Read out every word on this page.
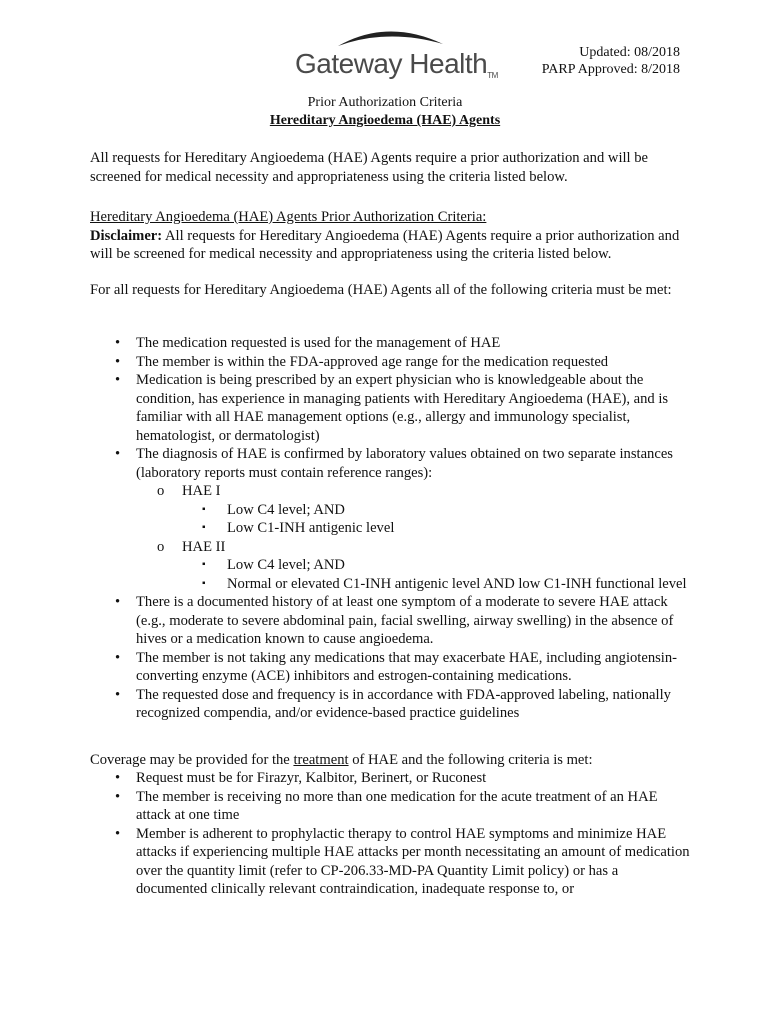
Gateway HealthTM
Updated: 08/2018
PARP Approved: 8/2018
Prior Authorization Criteria
Hereditary Angioedema (HAE) Agents

All requests for Hereditary Angioedema (HAE) Agents require a prior authorization and will be screened for medical necessity and appropriateness using the criteria listed below.

Hereditary Angioedema (HAE) Agents Prior Authorization Criteria:
Disclaimer: All requests for Hereditary Angioedema (HAE) Agents require a prior authorization and will be screened for medical necessity and appropriateness using the criteria listed below.

For all requests for Hereditary Angioedema (HAE) Agents all of the following criteria must be met:

• The medication requested is used for the management of HAE
• The member is within the FDA-approved age range for the medication requested
• Medication is being prescribed by an expert physician who is knowledgeable about the condition, has experience in managing patients with Hereditary Angioedema (HAE), and is familiar with all HAE management options (e.g., allergy and immunology specialist, hematologist, or dermatologist)
• The diagnosis of HAE is confirmed by laboratory values obtained on two separate instances (laboratory reports must contain reference ranges):
o HAE I
▪ Low C4 level; AND
▪ Low C1-INH antigenic level
o HAE II
▪ Low C4 level; AND
▪ Normal or elevated C1-INH antigenic level AND low C1-INH functional level
• There is a documented history of at least one symptom of a moderate to severe HAE attack (e.g., moderate to severe abdominal pain, facial swelling, airway swelling) in the absence of hives or a medication known to cause angioedema.
• The member is not taking any medications that may exacerbate HAE, including angiotensin-converting enzyme (ACE) inhibitors and estrogen-containing medications.
• The requested dose and frequency is in accordance with FDA-approved labeling, nationally recognized compendia, and/or evidence-based practice guidelines

Coverage may be provided for the treatment of HAE and the following criteria is met:

• Request must be for Firazyr, Kalbitor, Berinert, or Ruconest
• The member is receiving no more than one medication for the acute treatment of an HAE attack at one time
• Member is adherent to prophylactic therapy to control HAE symptoms and minimize HAE attacks if experiencing multiple HAE attacks per month necessitating an amount of medication over the quantity limit (refer to CP-206.33-MD-PA Quantity Limit policy) or has a documented clinically relevant contraindication, inadequate response to, or
